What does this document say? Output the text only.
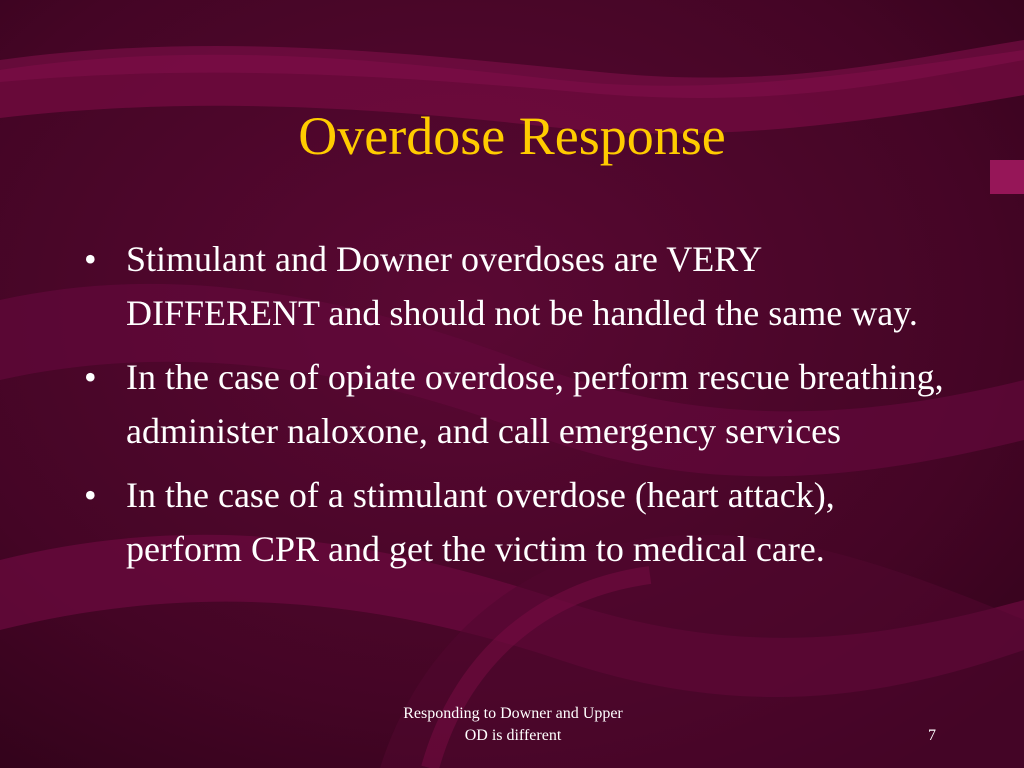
Overdose Response
• Stimulant and Downer overdoses are VERY DIFFERENT and should not be handled the same way.
• In the case of opiate overdose, perform rescue breathing, administer naloxone, and call emergency services
• In the case of a stimulant overdose (heart attack), perform CPR and get the victim to medical care.
Responding to Downer and Upper
OD is different	7
